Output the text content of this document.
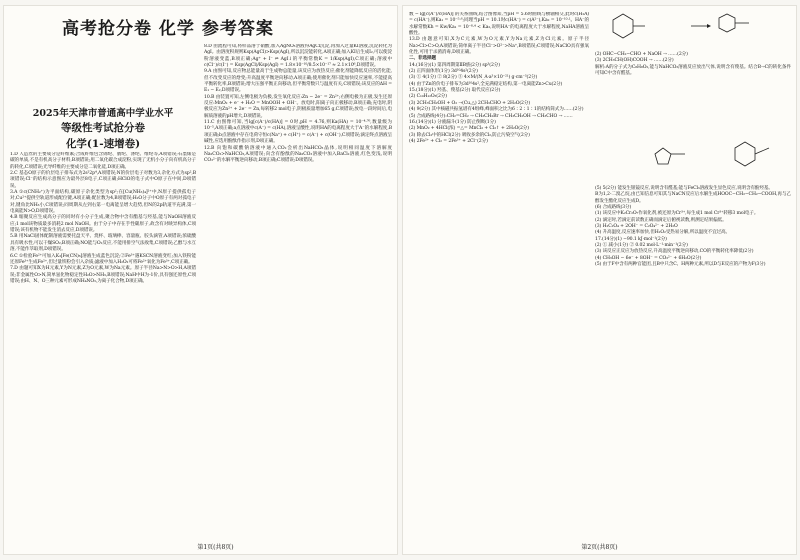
高考抢分卷 化学 参考答案
2025年天津市普通高中学业水平
等级性考试抢分卷
化学(1-速增卷)

1.D 人造丝的主要成分是纤维素;合成纤维包含锦纶、腈纶、涤纶、维纶等,A项错误;石墨烯是碳的单质,不是有机高分子材料,B项错误;用二氧化碳合成淀粉,实现了无机小分子向有机高分子的转化,C项错误;光导纤维的主要成分是二氧化硅,D项正确。

2.C 基态O原子的价层电子排布式为2s²2p⁴,A项错误;N的价层电子对数为3,杂化方式为sp²,B项错误;Cl⁻的结构示意图应为最外层8电子,C项正确;HClO的电子式中O原子在中间,D项错误。

3.A ①c(CNH₂⁺)为平面结构,碳原子杂化类型为sp²;在[Cu(NH₃)₄]²⁺中,N原子提供孤电子对,Cu²⁺提供空轨道形成配位键,A项正确;配位数为4,B项错误;H₂O分子中O原子有两对孤电子对,键角比NH₃小,C项错误;同周期从左到右第一电离能呈增大趋势,但N的2p轨道半充满,第一电离能N>O,D项错误。

4.B 缩聚反应生成高分子的同时有小分子生成,聚合物中含有酯基与羟基,能与NaOH溶液反应;1 mol该物质最多消耗2 mol NaOH。由于分子中存在手性碳原子,故含有对映异构体,C项错误;该有机物不能发生消去反应,D项错误。

5.B 用NaCl固体配制溶液需要托盘天平、烧杯、玻璃棒、容量瓶、胶头滴管,A项错误;浓硫酸具有吸水性,可以干燥SO₂,B项正确;NO能与O₂反应,不能用排空气法收集,C项错误;乙醇与水互溶,不能作萃取剂,D项错误。

6.C ①检验Fe²⁺可加入K₃[Fe(CN)₆]溶液生成蓝色沉淀;②Fe³⁺遇KSCN溶液变红;加入铁粉能还原Fe³⁺生成Fe²⁺,但过量铁粉会引入杂质;滤液中加入H₂O₂可将Fe²⁺氧化为Fe³⁺,C项正确。

7.D 由题可知X为H元素,Y为N元素,Z为O元素,W为Na元素。原子半径Na>N>O>H,A项错误;非金属性O>N,简单氢化物稳定性H₂O>NH₃,B项错误;NaH中H为-1价,具有强还原性,C项错误;由H、N、O三种元素可形成NH₄NO₃,为离子化合物,D项正确。

8.D 由流程可知,将样品溶于硝酸,加入AgNO₃溶液得AgCl沉淀,再加入过量KI溶液,沉淀转化为AgI。由溶度积规则Ksp(AgCl)>Ksp(AgI),所以沉淀能转化,A项正确;加入KI后生成I₂,可以使淀粉溶液变蓝,B项正确;Ag⁺ + I⁻ ⇌ AgI↓的平衡常数K = 1/Ksp(AgI),C项正确;溶液中c(Cl⁻)/c(I⁻) = Ksp(AgCl)/Ksp(AgI) = 1.8×10⁻¹⁰/8.5×10⁻¹⁷ ≈ 2.1×10⁶,D项错误。

9.A 由图可知,反应物总能量高于生成物总能量,该反应为放热反应;催化剂能降低反应的活化能,但不改变反应的焓变;升高温度平衡逆向移动,A项正确;使用催化剂只能加快反应速率,不能提高平衡转化率,B项错误;增大压强平衡正向移动,但平衡常数只与温度有关,C项错误;该反应的ΔH = E₁ − E₂,D项错误。

10.B 由装置可知,左侧电极为负极,发生氧化反应:Zn − 2e⁻ = Zn²⁺;右侧电极为正极,发生还原反应:MnO₂ + e⁻ + H₂O = MnOOH + OH⁻。放电时,阳离子向正极移动,B项正确;充电时,阴极反应为Zn²⁺ + 2e⁻ = Zn,每转移2 mol电子,阴极质量增加65 g,C项错误;放电一段时间后,电解质溶液的pH增大,D项错误。

11.C 由图像可知,当lg[c(A⁻)/c(HA)] = 0时,pH = 4.76,则Ka(HA) = 10⁻⁴·⁷⁶,数量级为10⁻⁵,A项正确;a点溶液中c(A⁻) = c(HA),溶液呈酸性,说明HA的电离程度大于A⁻的水解程度,B项正确;b点溶液中存在电荷守恒c(Na⁺) + c(H⁺) = c(A⁻) + c(OH⁻),C项错误;滴定终点溶液呈碱性,应选用酚酞作指示剂,D项正确。

12.B 向饱和碳酸钠溶液中通入CO₂会析出NaHCO₃晶体,说明相同温度下溶解度Na₂CO₃>NaHCO₃,A项错误;向含有酚酞的Na₂CO₃溶液中加入BaCl₂溶液,红色变浅,说明CO₃²⁻的水解平衡逆向移动,B项正确;C项错误;D项错误。

第1页(共8页)

数 − lg[c(A⁻)/c(HA)] 的关系曲线,结合图像知,当pH = 5.6时曲线与横轴相交,此时c(H₂A) = c(HA⁻),则Ka₁ = 10⁻⁵·⁶;同理当pH = 10.1时c(HA⁻) = c(A²⁻),Ka₂ = 10⁻¹⁰·¹。HA⁻的水解常数Kh = Kw/Ka₁ = 10⁻⁸·⁴ < Ka₂,说明HA⁻的电离程度大于水解程度,NaHA溶液呈酸性。

13.D 由题意可知,X为C元素,W为O元素,Y为Na元素,Z为Cl元素。原子半径Na>Cl>C>O,A项错误;简单离子半径Cl⁻>O²⁻>Na⁺,B项错误;C项错误;NaClO具有强氧化性,可用于杀菌消毒,D项正确。

二、非选择题

14.(16分)(1) 第四周期第ⅡB族(2分) sp³(2分)

(2) 正四面体形(1分) 3d¹⁰4s²(2分)

(3) ① 4(1分) ② 8(2分) ③ 4×M/(N_A·a³×10⁻²¹) g·cm⁻³(2分)

(4) 由于Zn的价电子排布为3d¹⁰4s²,全充满稳定结构,第一电离能Zn>Cu(2分)

15.(18分)(1) 羟基、羧基(2分) 取代反应(2分)

(2) C₁₀H₁₂O₃(2分)

(3) 2CH₃CH₂OH + O₂ →(Cu,△) 2CH₃CHO + 2H₂O(2分)

(4) 9(2分) 其中核磁共振氢谱有4组峰,峰面积之比为6∶2∶1∶1的结构简式为……(2分)

(5) 合成路线(4分):CH₂=CH₂ → CH₃CH₂Br → CH₃CH₂OH → CH₃CHO → ……

16.(14分)(1) 分液漏斗(1分) 防止倒吸(1分)

(2) MnO₂ + 4HCl(浓) =△= MnCl₂ + Cl₂↑ + 2H₂O(2分)

(3) 除去Cl₂中的HCl(2分) 吸收多余的Cl₂,防止污染空气(2分)

(4) 2Fe²⁺ + Cl₂ = 2Fe³⁺ + 2Cl⁻(2分)

(2) OHC−CH₂−CHO + NaOH → ……(2分)

(3) 2CH₃CH(OH)COOH → ……(2分)

解析:A的分子式为C₈H₈O₂,能与NaHCO₃溶液反应放出气体,说明含有羧基。结合B→C的转化条件可知C中含有醛基。

(5) 5(2分) 能发生银镜反应,说明含有醛基;能与FeCl₃溶液发生显色反应,说明含有酚羟基。

B为1,2-二溴乙烷,由已知信息可知其与NaCN反应后水解生成HOOC−CH₂−CH₂−COOH,再与乙醇发生酯化反应生成D。

(6) 合成路线(3分)

(1) 该反应中K₂Cr₂O₇作氧化剂,被还原为Cr³⁺,每生成1 mol Cr³⁺转移3 mol电子。

(2) 滴定时,若滴定前读数正确而滴定后俯视读数,则测定结果偏低。

(3) H₂C₂O₄ + 2OH⁻ = C₂O₄²⁻ + 2H₂O

(4) 升高温度,反应速率加快,但H₂O₂受热易分解,所以温度不宜过高。

17.(14分)(1) −90.1 kJ·mol⁻¹(2分)

(2) ① 减小(1分) ② 0.02 mol·L⁻¹·min⁻¹(2分)

(3) 该反应正反应为放热反应,升高温度平衡逆向移动,CO的平衡转化率降低(2分)

(4) CH₃OH − 6e⁻ + 8OH⁻ = CO₃²⁻ + 6H₂O(2分)

(5) 由于F中含有两种官能团,且B中只含C、H两种元素,所以D与E反应的产物为F(3分)

第2页(共8页)
